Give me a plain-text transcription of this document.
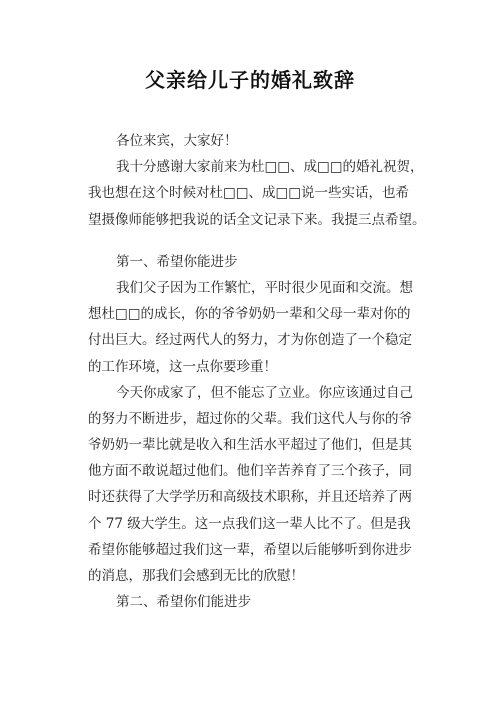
父亲给儿子的婚礼致辞
各位来宾，大家好！
我十分感谢大家前来为杜□□、成□□的婚礼祝贺，
我也想在这个时候对杜□□、成□□说一些实话，也希
望摄像师能够把我说的话全文记录下来。我提三点希望。
第一、希望你能进步
我们父子因为工作繁忙，平时很少见面和交流。想
想杜□□的成长，你的爷爷奶奶一辈和父母一辈对你的
付出巨大。经过两代人的努力，才为你创造了一个稳定
的工作环境，这一点你要珍重！
今天你成家了，但不能忘了立业。你应该通过自己
的努力不断进步，超过你的父辈。我们这代人与你的爷
爷奶奶一辈比就是收入和生活水平超过了他们，但是其
他方面不敢说超过他们。他们辛苦养育了三个孩子，同
时还获得了大学学历和高级技术职称，并且还培养了两
个 77 级大学生。这一点我们这一辈人比不了。但是我
希望你能够超过我们这一辈，希望以后能够听到你进步
的消息，那我们会感到无比的欣慰！
第二、希望你们能进步
